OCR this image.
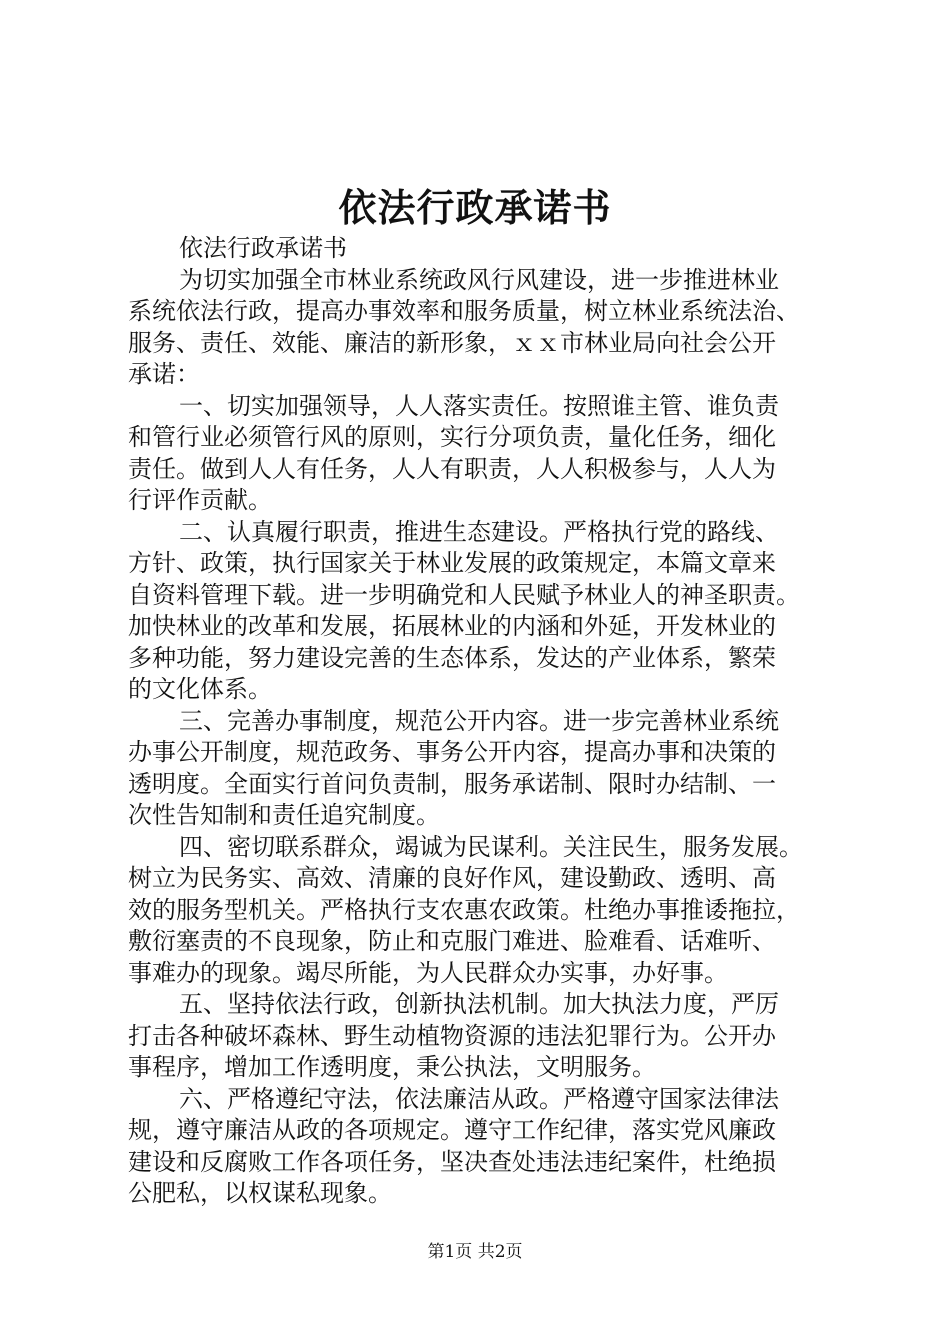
依法行政承诺书
依法行政承诺书
为切实加强全市林业系统政风行风建设，进一步推进林业
系统依法行政，提高办事效率和服务质量，树立林业系统法治、
服务、责任、效能、廉洁的新形象，ｘｘ市林业局向社会公开
承诺：
一、切实加强领导，人人落实责任。按照谁主管、谁负责
和管行业必须管行风的原则，实行分项负责，量化任务，细化
责任。做到人人有任务，人人有职责，人人积极参与，人人为
行评作贡献。
二、认真履行职责，推进生态建设。严格执行党的路线、
方针、政策，执行国家关于林业发展的政策规定，本篇文章来
自资料管理下载。进一步明确党和人民赋予林业人的神圣职责。
加快林业的改革和发展，拓展林业的内涵和外延，开发林业的
多种功能，努力建设完善的生态体系，发达的产业体系，繁荣
的文化体系。
三、完善办事制度，规范公开内容。进一步完善林业系统
办事公开制度，规范政务、事务公开内容，提高办事和决策的
透明度。全面实行首问负责制，服务承诺制、限时办结制、一
次性告知制和责任追究制度。
四、密切联系群众，竭诚为民谋利。关注民生，服务发展。
树立为民务实、高效、清廉的良好作风，建设勤政、透明、高
效的服务型机关。严格执行支农惠农政策。杜绝办事推诿拖拉，
敷衍塞责的不良现象，防止和克服门难进、脸难看、话难听、
事难办的现象。竭尽所能，为人民群众办实事，办好事。
五、坚持依法行政，创新执法机制。加大执法力度，严厉
打击各种破坏森林、野生动植物资源的违法犯罪行为。公开办
事程序，增加工作透明度，秉公执法，文明服务。
六、严格遵纪守法，依法廉洁从政。严格遵守国家法律法
规，遵守廉洁从政的各项规定。遵守工作纪律，落实党风廉政
建设和反腐败工作各项任务，坚决查处违法违纪案件，杜绝损
公肥私，以权谋私现象。
第1页 共2页
